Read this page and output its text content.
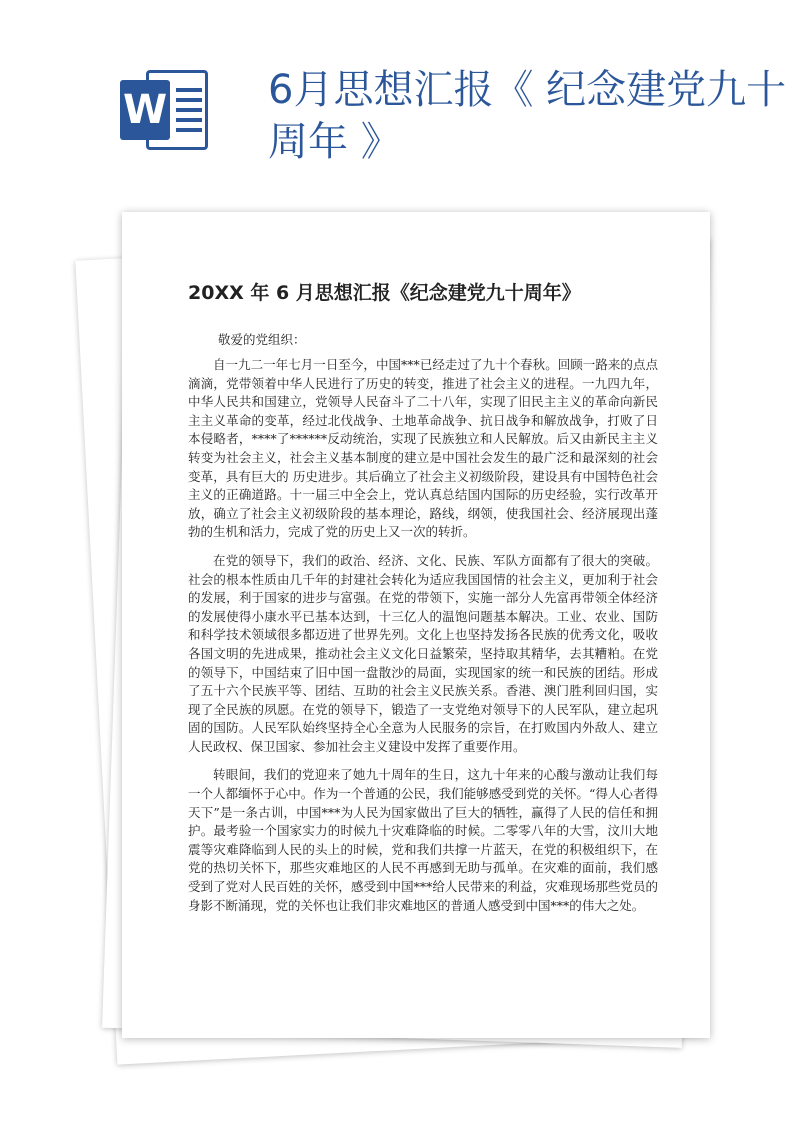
W	6月思想汇报《 纪念建党九十周年 》
20XX 年 6 月思想汇报《纪念建党九十周年》
敬爱的党组织：

自一九二一年七月一日至今，中国***已经走过了九十个春秋。回顾一路来的点点滴滴，党带领着中华人民进行了历史的转变，推进了社会主义的进程。一九四九年，中华人民共和国建立，党领导人民奋斗了二十八年，实现了旧民主主义的革命向新民主主义革命的变革，经过北伐战争、土地革命战争、抗日战争和解放战争，打败了日本侵略者，****了******反动统治，实现了民族独立和人民解放。后又由新民主主义转变为社会主义，社会主义基本制度的建立是中国社会发生的最广泛和最深刻的社会变革，具有巨大的 历史进步。其后确立了社会主义初级阶段，建设具有中国特色社会主义的正确道路。十一届三中全会上，党认真总结国内国际的历史经验，实行改革开放，确立了社会主义初级阶段的基本理论，路线，纲领，使我国社会、经济展现出蓬勃的生机和活力，完成了党的历史上又一次的转折。

在党的领导下，我们的政治、经济、文化、民族、军队方面都有了很大的突破。社会的根本性质由几千年的封建社会转化为适应我国国情的社会主义，更加利于社会的发展，利于国家的进步与富强。在党的带领下，实施一部分人先富再带领全体经济的发展使得小康水平已基本达到，十三亿人的温饱问题基本解决。工业、农业、国防和科学技术领域很多都迈进了世界先列。文化上也坚持发扬各民族的优秀文化，吸收各国文明的先进成果，推动社会主义文化日益繁荣，坚持取其精华，去其糟粕。在党的领导下，中国结束了旧中国一盘散沙的局面，实现国家的统一和民族的团结。形成了五十六个民族平等、团结、互助的社会主义民族关系。香港、澳门胜利回归国，实现了全民族的夙愿。在党的领导下，锻造了一支党绝对领导下的人民军队，建立起巩固的国防。人民军队始终坚持全心全意为人民服务的宗旨，在打败国内外敌人、建立人民政权、保卫国家、参加社会主义建设中发挥了重要作用。

转眼间，我们的党迎来了她九十周年的生日，这九十年来的心酸与激动让我们每一个人都缅怀于心中。作为一个普通的公民，我们能够感受到党的关怀。“得人心者得天下”是一条古训，中国***为人民为国家做出了巨大的牺牲，赢得了人民的信任和拥护。最考验一个国家实力的时候九十灾难降临的时候。二零零八年的大雪，汶川大地震等灾难降临到人民的头上的时候，党和我们共撑一片蓝天，在党的积极组织下，在党的热切关怀下，那些灾难地区的人民不再感到无助与孤单。在灾难的面前，我们感受到了党对人民百姓的关怀，感受到中国***给人民带来的利益，灾难现场那些党员的身影不断涌现，党的关怀也让我们非灾难地区的普通人感受到中国***的伟大之处。
